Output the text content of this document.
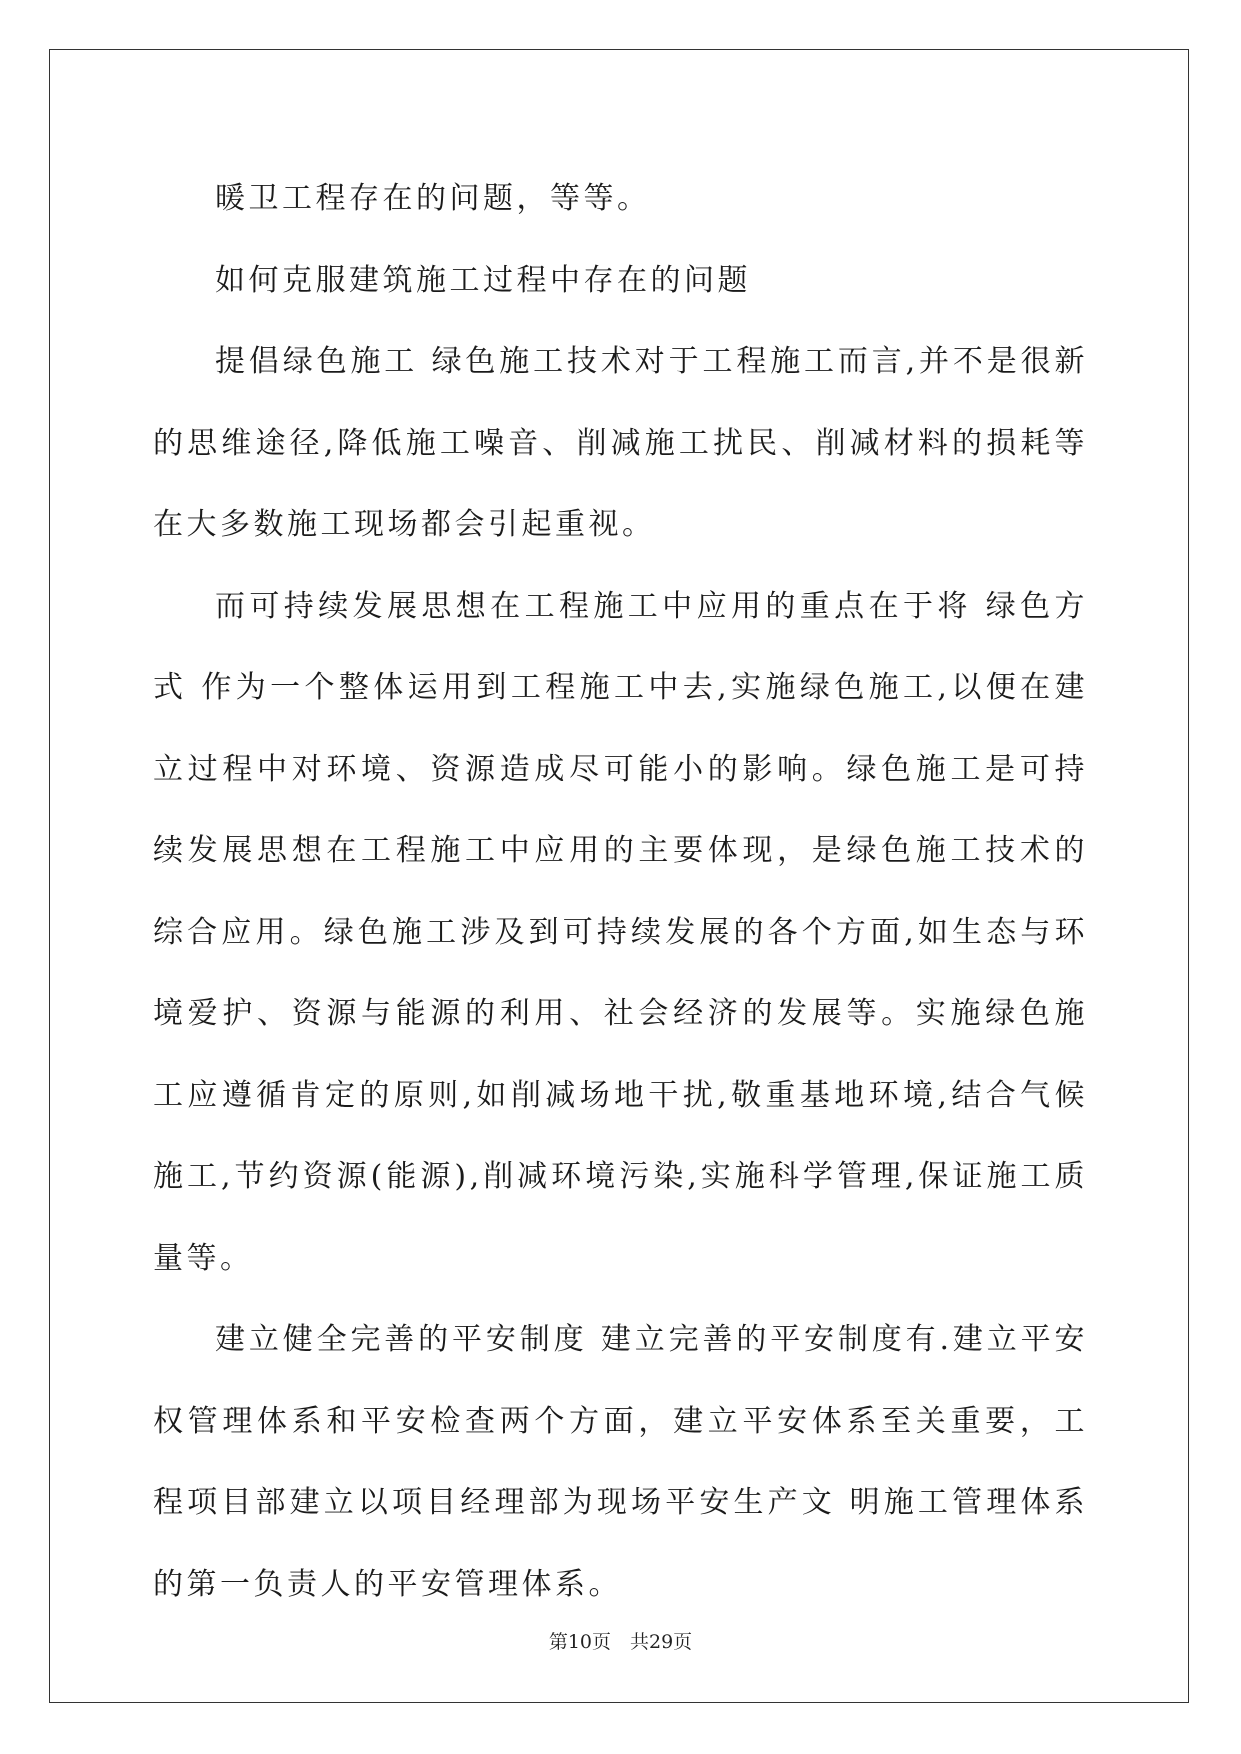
暖卫工程存在的问题，等等。

如何克服建筑施工过程中存在的问题

提倡绿色施工 绿色施工技术对于工程施工而言,并不是很新的思维途径,降低施工噪音、削减施工扰民、削减材料的损耗等在大多数施工现场都会引起重视。

而可持续发展思想在工程施工中应用的重点在于将 绿色方式 作为一个整体运用到工程施工中去,实施绿色施工,以便在建立过程中对环境、资源造成尽可能小的影响。绿色施工是可持续发展思想在工程施工中应用的主要体现，是绿色施工技术的综合应用。绿色施工涉及到可持续发展的各个方面,如生态与环境爱护、资源与能源的利用、社会经济的发展等。实施绿色施工应遵循肯定的原则,如削减场地干扰,敬重基地环境,结合气候施工,节约资源(能源),削减环境污染,实施科学管理,保证施工质量等。

建立健全完善的平安制度 建立完善的平安制度有.建立平安权管理体系和平安检查两个方面，建立平安体系至关重要，工程项目部建立以项目经理部为现场平安生产文 明施工管理体系的第一负责人的平安管理体系。

第10页　共29页
